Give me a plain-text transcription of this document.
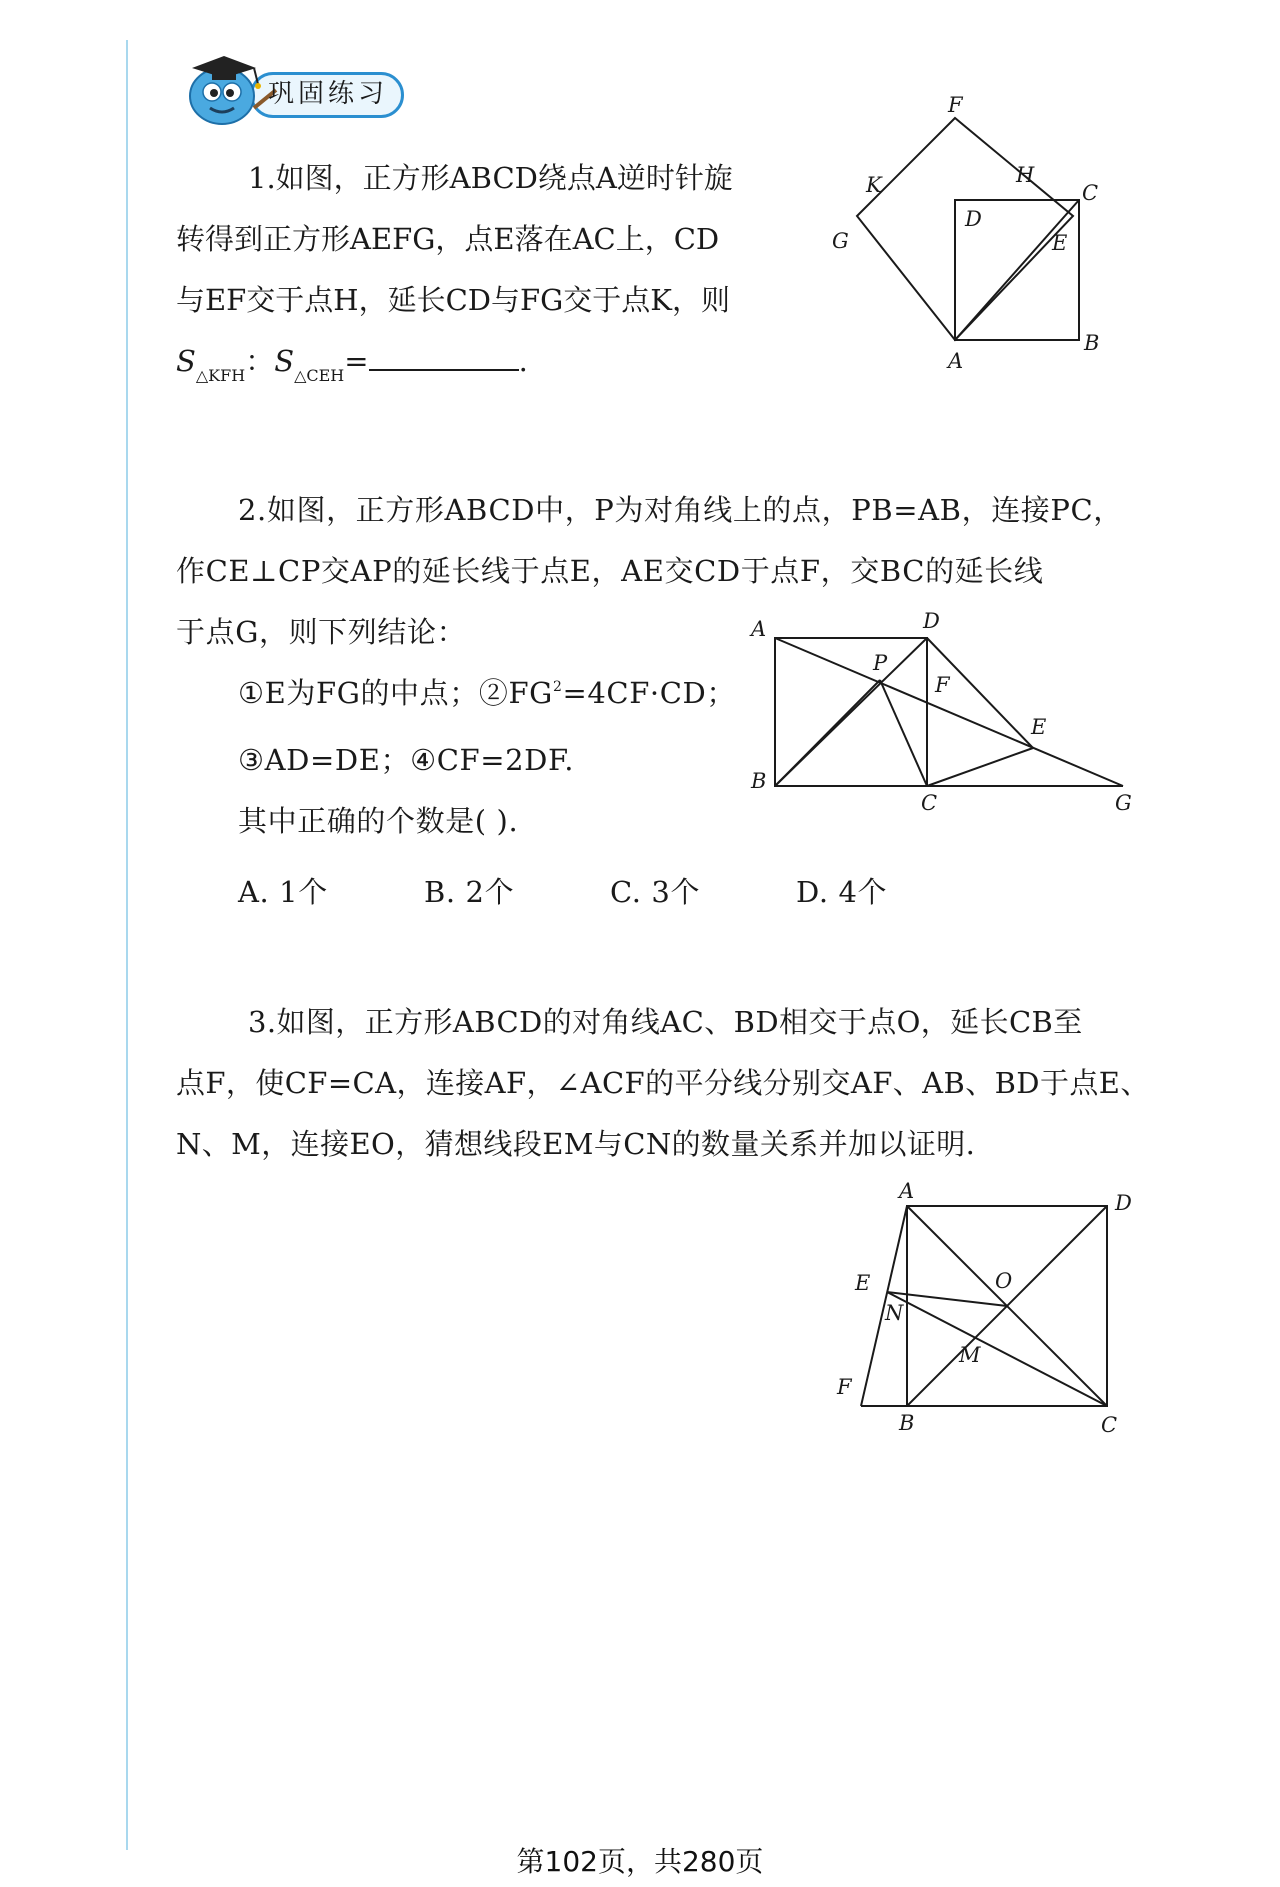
巩固练习
1.如图，正方形ABCD绕点A逆时针旋
转得到正方形AEFG，点E落在AC上，CD
与EF交于点H，延长CD与FG交于点K，则
$S_{\triangle KFH}$：$S_{\triangle CEH}=$	.
F
K	H
C
D
G	E
A
B
2.如图，正方形ABCD中，P为对角线上的点，PB=AB，连接PC，
作CE⊥CP交AP的延长线于点E，AE交CD于点F，交BC的延长线
于点G，则下列结论：
①E为FG的中点；$②FG^2=4CF\cdot CD$；
③AD=DE；④CF=2DF.
其中正确的个数是( ).
A. 1个	B. 2个	C. 3个	D. 4个
A	D
P
F
E
B
C	G
3.如图，正方形ABCD的对角线AC、BD相交于点O，延长CB至
点F，使CF=CA，连接AF，∠ACF的平分线分别交AF、AB、BD于点E、
N、M，连接EO，猜想线段EM与CN的数量关系并加以证明.
A	D
O
E
N
M
F
B	C
第102页，共280页
